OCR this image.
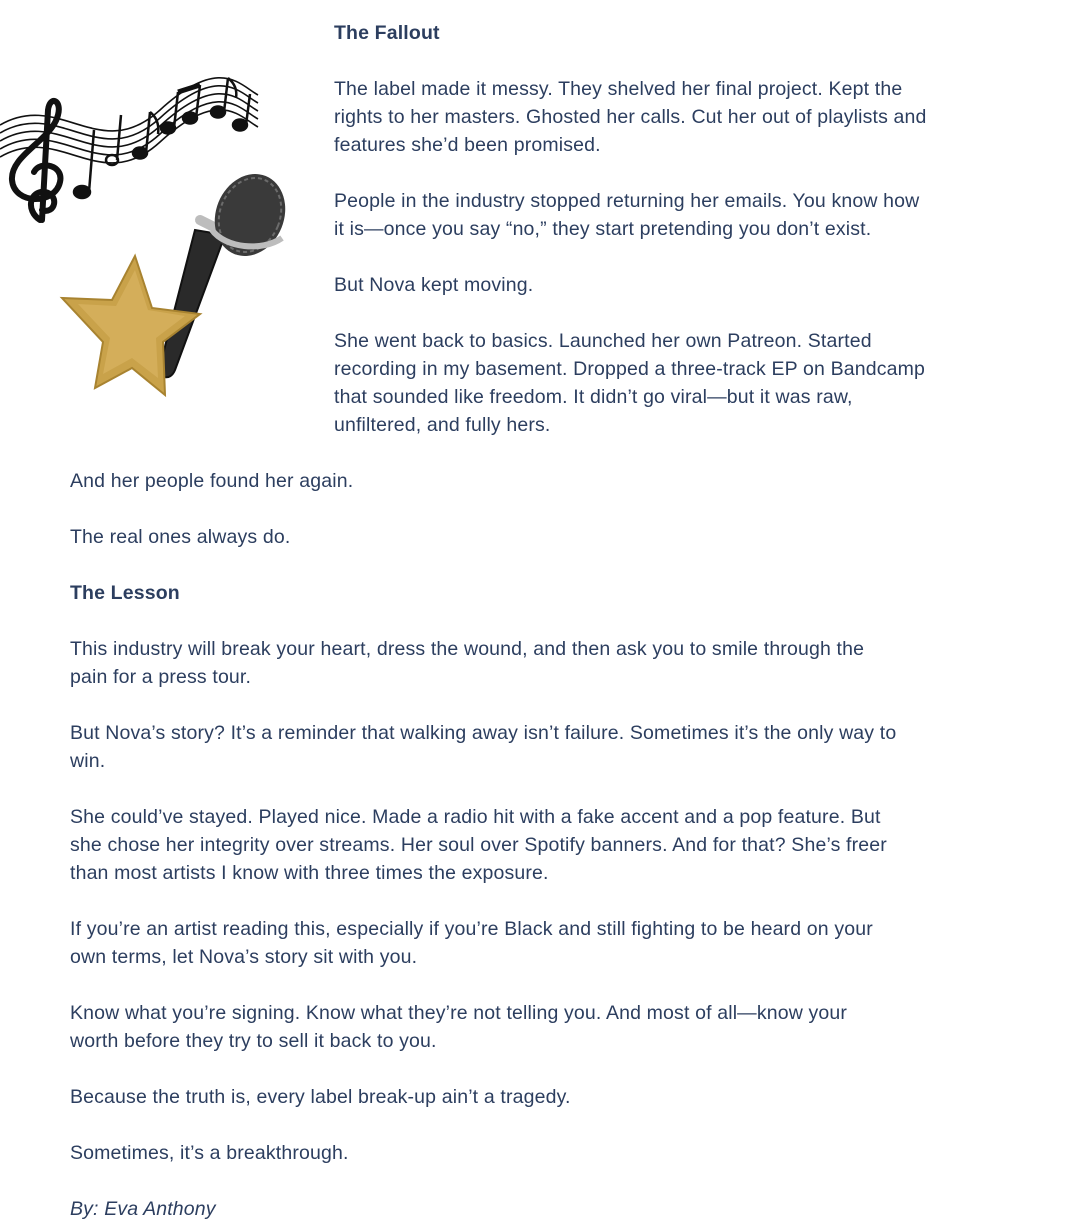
The Fallout

The label made it messy. They shelved her final project. Kept the
rights to her masters. Ghosted her calls. Cut her out of playlists and
features she’d been promised.

People in the industry stopped returning her emails. You know how
it is—once you say “no,” they start pretending you don’t exist.

But Nova kept moving.

She went back to basics. Launched her own Patreon. Started
recording in my basement. Dropped a three-track EP on Bandcamp
that sounded like freedom. It didn’t go viral—but it was raw,
unfiltered, and fully hers.

And her people found her again.

The real ones always do.

The Lesson

This industry will break your heart, dress the wound, and then ask you to smile through the
pain for a press tour.

But Nova’s story? It’s a reminder that walking away isn’t failure. Sometimes it’s the only way to
win.

She could’ve stayed. Played nice. Made a radio hit with a fake accent and a pop feature. But
she chose her integrity over streams. Her soul over Spotify banners. And for that? She’s freer
than most artists I know with three times the exposure.

If you’re an artist reading this, especially if you’re Black and still fighting to be heard on your
own terms, let Nova’s story sit with you.

Know what you’re signing. Know what they’re not telling you. And most of all—know your
worth before they try to sell it back to you.

Because the truth is, every label break-up ain’t a tragedy.

Sometimes, it’s a breakthrough.

By: Eva Anthony
